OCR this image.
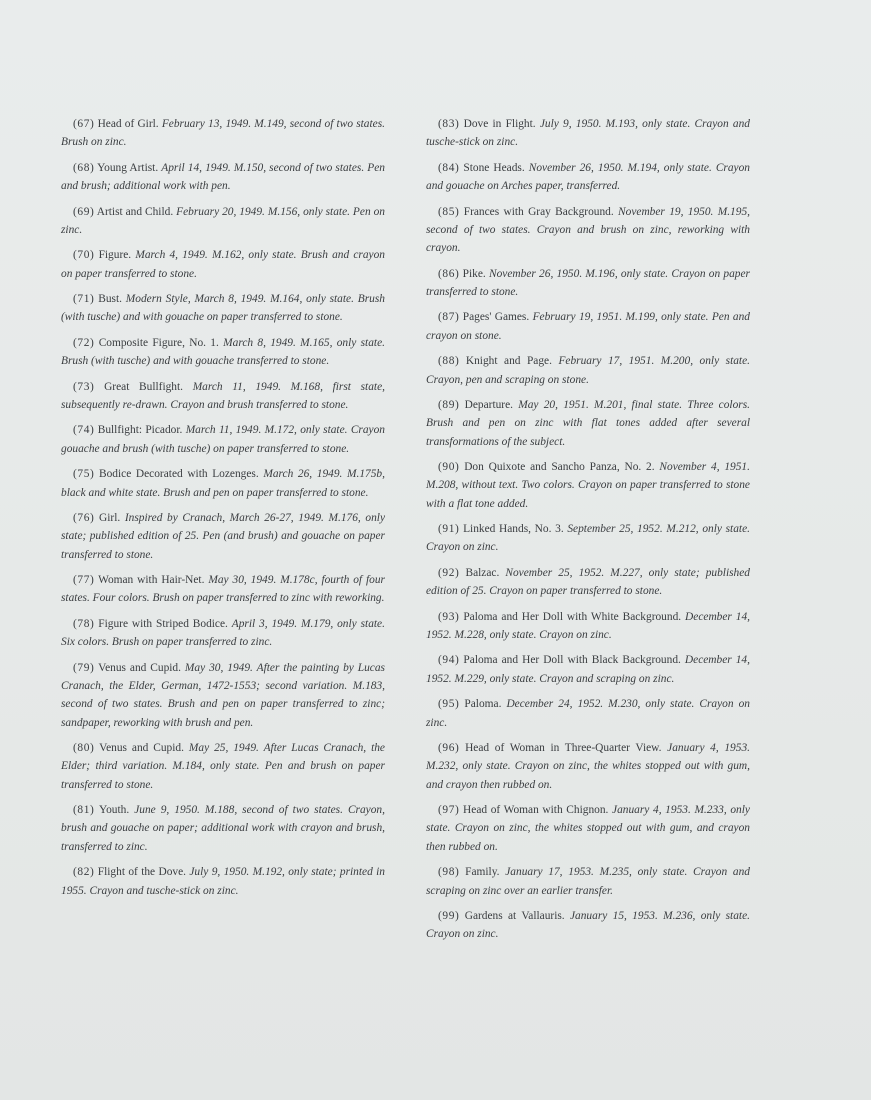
(67) Head of Girl. February 13, 1949. M.149, second of two states. Brush on zinc.

(68) Young Artist. April 14, 1949. M.150, second of two states. Pen and brush; additional work with pen.

(69) Artist and Child. February 20, 1949. M.156, only state. Pen on zinc.

(70) Figure. March 4, 1949. M.162, only state. Brush and crayon on paper transferred to stone.

(71) Bust. Modern Style, March 8, 1949. M.164, only state. Brush (with tusche) and with gouache on paper transferred to stone.

(72) Composite Figure, No. 1. March 8, 1949. M.165, only state. Brush (with tusche) and with gouache transferred to stone.

(73) Great Bullfight. March 11, 1949. M.168, first state, subsequently re-drawn. Crayon and brush transferred to stone.

(74) Bullfight: Picador. March 11, 1949. M.172, only state. Crayon gouache and brush (with tusche) on paper transferred to stone.

(75) Bodice Decorated with Lozenges. March 26, 1949. M.175b, black and white state. Brush and pen on paper transferred to stone.

(76) Girl. Inspired by Cranach, March 26-27, 1949. M.176, only state; published edition of 25. Pen (and brush) and gouache on paper transferred to stone.

(77) Woman with Hair-Net. May 30, 1949. M.178c, fourth of four states. Four colors. Brush on paper transferred to zinc with reworking.

(78) Figure with Striped Bodice. April 3, 1949. M.179, only state. Six colors. Brush on paper transferred to zinc.

(79) Venus and Cupid. May 30, 1949. After the painting by Lucas Cranach, the Elder, German, 1472-1553; second variation. M.183, second of two states. Brush and pen on paper transferred to zinc; sandpaper, reworking with brush and pen.

(80) Venus and Cupid. May 25, 1949. After Lucas Cranach, the Elder; third variation. M.184, only state. Pen and brush on paper transferred to stone.

(81) Youth. June 9, 1950. M.188, second of two states. Crayon, brush and gouache on paper; additional work with crayon and brush, transferred to zinc.

(82) Flight of the Dove. July 9, 1950. M.192, only state; printed in 1955. Crayon and tusche-stick on zinc.

(83) Dove in Flight. July 9, 1950. M.193, only state. Crayon and tusche-stick on zinc.

(84) Stone Heads. November 26, 1950. M.194, only state. Crayon and gouache on Arches paper, transferred.

(85) Frances with Gray Background. November 19, 1950. M.195, second of two states. Crayon and brush on zinc, reworking with crayon.

(86) Pike. November 26, 1950. M.196, only state. Crayon on paper transferred to stone.

(87) Pages' Games. February 19, 1951. M.199, only state. Pen and crayon on stone.

(88) Knight and Page. February 17, 1951. M.200, only state. Crayon, pen and scraping on stone.

(89) Departure. May 20, 1951. M.201, final state. Three colors. Brush and pen on zinc with flat tones added after several transformations of the subject.

(90) Don Quixote and Sancho Panza, No. 2. November 4, 1951. M.208, without text. Two colors. Crayon on paper transferred to stone with a flat tone added.

(91) Linked Hands, No. 3. September 25, 1952. M.212, only state. Crayon on zinc.

(92) Balzac. November 25, 1952. M.227, only state; published edition of 25. Crayon on paper transferred to stone.

(93) Paloma and Her Doll with White Background. December 14, 1952. M.228, only state. Crayon on zinc.

(94) Paloma and Her Doll with Black Background. December 14, 1952. M.229, only state. Crayon and scraping on zinc.

(95) Paloma. December 24, 1952. M.230, only state. Crayon on zinc.

(96) Head of Woman in Three-Quarter View. January 4, 1953. M.232, only state. Crayon on zinc, the whites stopped out with gum, and crayon then rubbed on.

(97) Head of Woman with Chignon. January 4, 1953. M.233, only state. Crayon on zinc, the whites stopped out with gum, and crayon then rubbed on.

(98) Family. January 17, 1953. M.235, only state. Crayon and scraping on zinc over an earlier transfer.

(99) Gardens at Vallauris. January 15, 1953. M.236, only state. Crayon on zinc.
